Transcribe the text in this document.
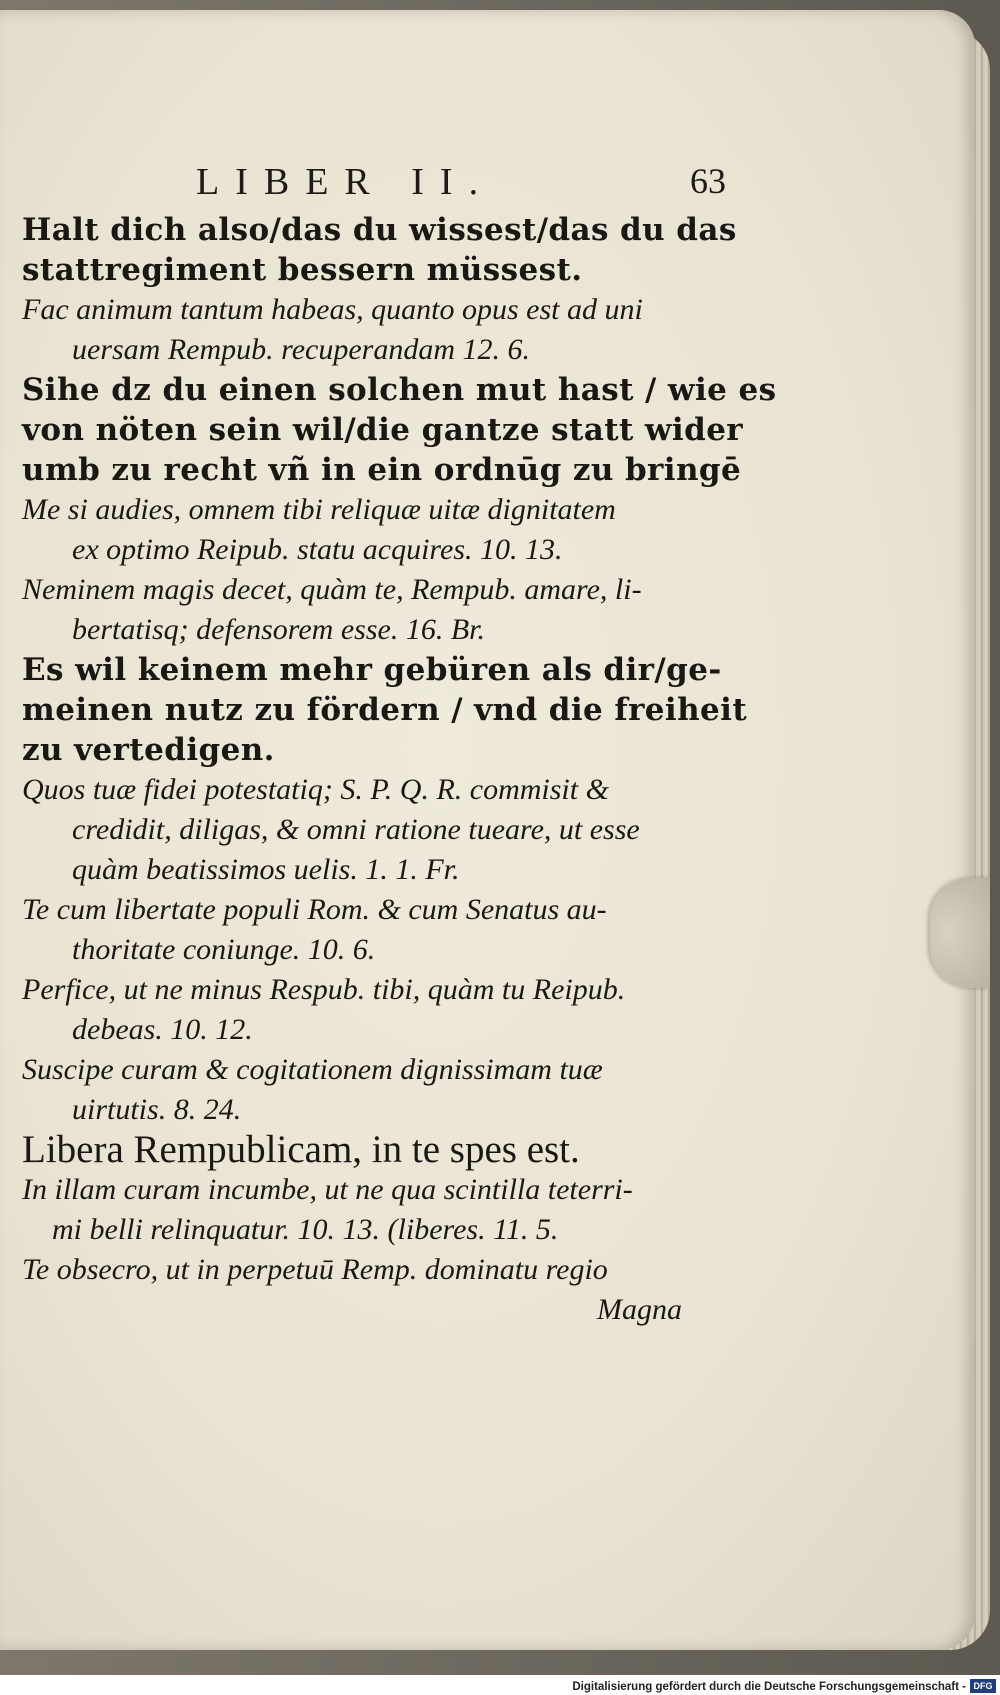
LIBER II.	63
Halt dich also/das du wissest/das du das
stattregiment bessern müssest.
Fac animum tantum habeas, quanto opus est ad uni
uersam Rempub. recuperandam 12. 6.
Sihe dz du einen solchen mut hast / wie es
von nöten sein wil/die gantze statt wider
umb zu recht vñ in ein ordnūg zu bringē
Me si audies, omnem tibi reliquæ uitæ dignitatem
ex optimo Reipub. statu acquires. 10. 13.
Neminem magis decet, quàm te, Rempub. amare, li-
bertatisq; defensorem esse. 16. Br.
Es wil keinem mehr gebüren als dir/ge-
meinen nutz zu fördern / vnd die freiheit
zu vertedigen.
Quos tuæ fidei potestatiq; S. P. Q. R. commisit &
credidit, diligas, & omni ratione tueare, ut esse
quàm beatissimos uelis. 1. 1. Fr.
Te cum libertate populi Rom. & cum Senatus au-
thoritate coniunge. 10. 6.
Perfice, ut ne minus Respub. tibi, quàm tu Reipub.
debeas. 10. 12.
Suscipe curam & cogitationem dignissimam tuæ
uirtutis. 8. 24.
Libera Rempublicam, in te spes est.
In illam curam incumbe, ut ne qua scintilla teterri-
mi belli relinquatur. 10. 13. (liberes. 11. 5.
Te obsecro, ut in perpetuū Remp. dominatu regio
Magna
Digitalisierung gefördert durch die Deutsche Forschungsgemeinschaft - DFG
